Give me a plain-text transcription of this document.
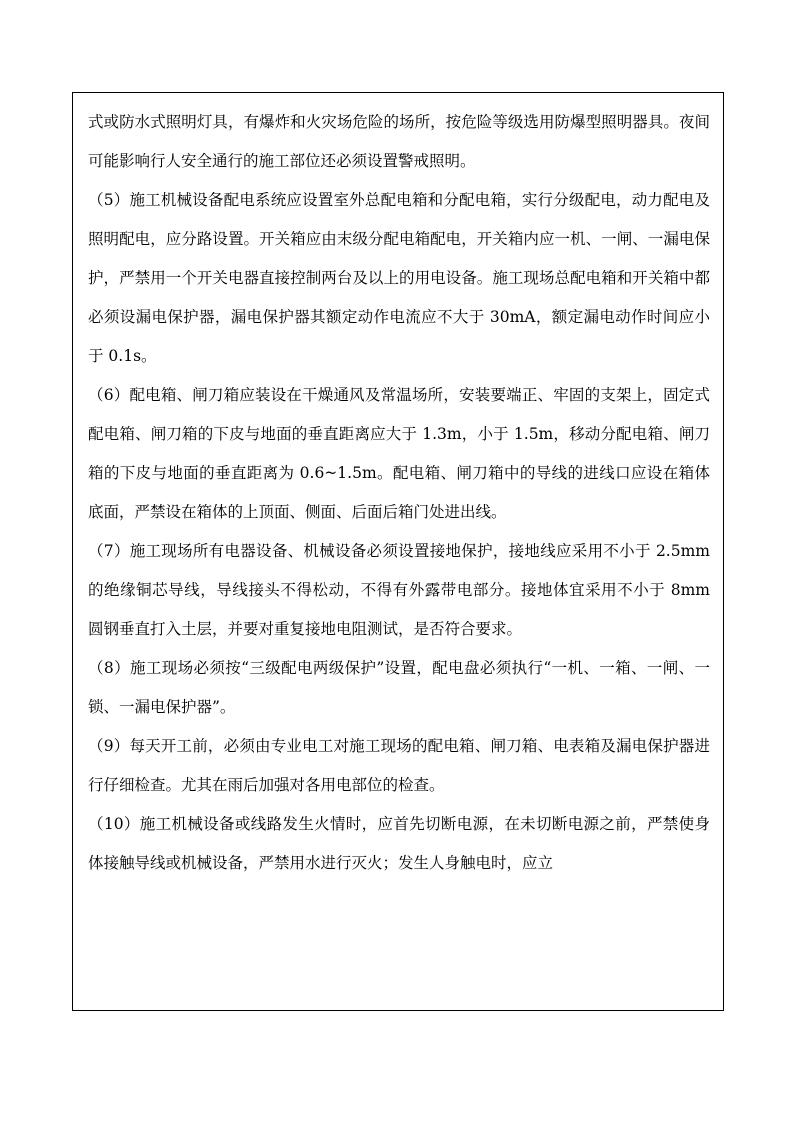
式或防水式照明灯具，有爆炸和火灾场危险的场所，按危险等级选用防爆型照明器具。夜间可能影响行人安全通行的施工部位还必须设置警戒照明。

（5）施工机械设备配电系统应设置室外总配电箱和分配电箱，实行分级配电，动力配电及照明配电，应分路设置。开关箱应由末级分配电箱配电，开关箱内应一机、一闸、一漏电保护，严禁用一个开关电器直接控制两台及以上的用电设备。施工现场总配电箱和开关箱中都必须设漏电保护器，漏电保护器其额定动作电流应不大于 30mA，额定漏电动作时间应小于 0.1s。

（6）配电箱、闸刀箱应装设在干燥通风及常温场所，安装要端正、牢固的支架上，固定式配电箱、闸刀箱的下皮与地面的垂直距离应大于 1.3m，小于 1.5m，移动分配电箱、闸刀箱的下皮与地面的垂直距离为 0.6~1.5m。配电箱、闸刀箱中的导线的进线口应设在箱体底面，严禁设在箱体的上顶面、侧面、后面后箱门处进出线。

（7）施工现场所有电器设备、机械设备必须设置接地保护，接地线应采用不小于 2.5mm 的绝缘铜芯导线，导线接头不得松动，不得有外露带电部分。接地体宜采用不小于 8mm 圆钢垂直打入土层，并要对重复接地电阻测试，是否符合要求。

（8）施工现场必须按“三级配电两级保护”设置，配电盘必须执行“一机、一箱、一闸、一锁、一漏电保护器”。

（9）每天开工前，必须由专业电工对施工现场的配电箱、闸刀箱、电表箱及漏电保护器进行仔细检查。尤其在雨后加强对各用电部位的检查。

（10）施工机械设备或线路发生火情时，应首先切断电源，在未切断电源之前，严禁使身体接触导线或机械设备，严禁用水进行灭火；发生人身触电时，应立
